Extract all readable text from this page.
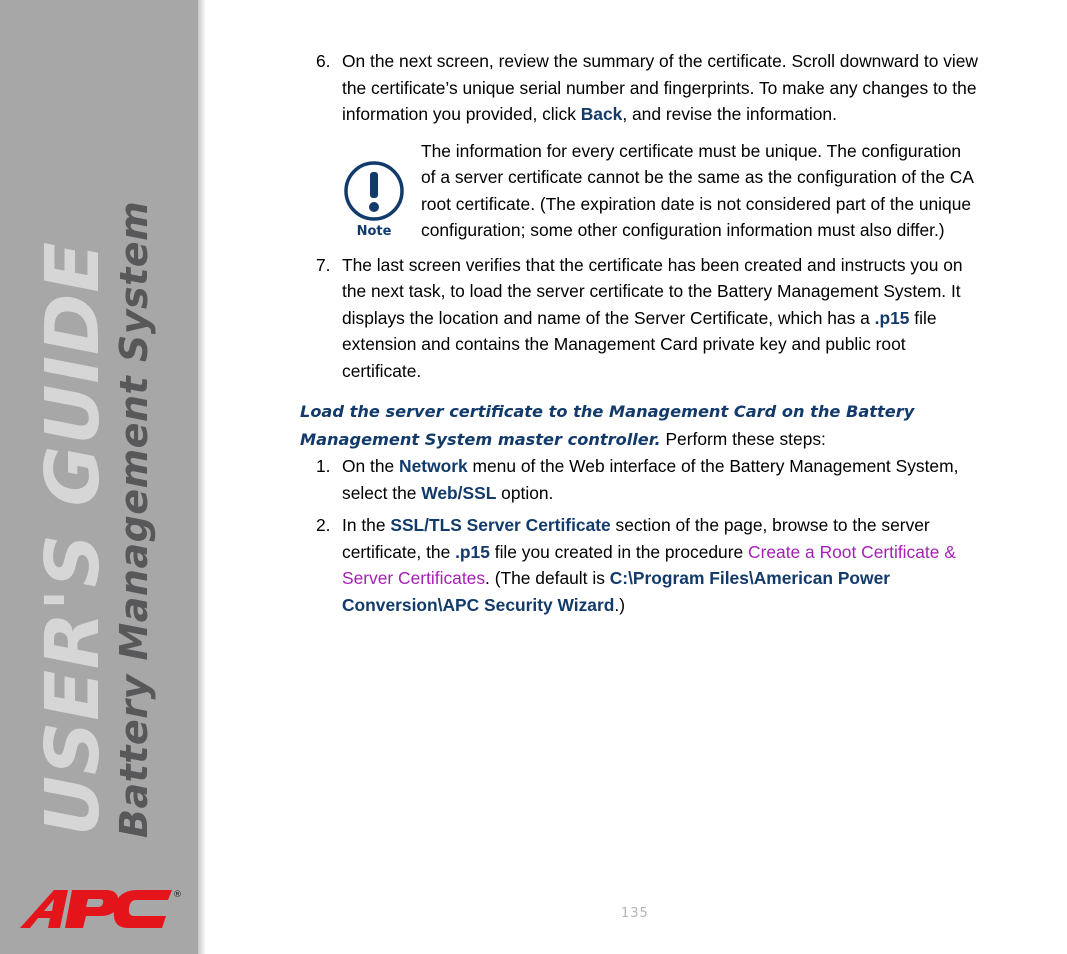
USER'S GUIDE
Battery Management System
®
6. On the next screen, review the summary of the certificate. Scroll downward to view the certificate’s unique serial number and fingerprints. To make any changes to the information you provided, click Back, and revise the information.
Note
The information for every certificate must be unique. The configuration of a server certificate cannot be the same as the configuration of the CA root certificate. (The expiration date is not considered part of the unique configuration; some other configuration information must also differ.)
7. The last screen verifies that the certificate has been created and instructs you on the next task, to load the server certificate to the Battery Management System. It displays the location and name of the Server Certificate, which has a .p15 file extension and contains the Management Card private key and public root certificate.
Load the server certificate to the Management Card on the Battery Management System master controller. Perform these steps:
1. On the Network menu of the Web interface of the Battery Management System, select the Web/SSL option.
2. In the SSL/TLS Server Certificate section of the page, browse to the server certificate, the .p15 file you created in the procedure Create a Root Certificate & Server Certificates. (The default is C:\Program Files\American Power Conversion\APC Security Wizard.)
135
